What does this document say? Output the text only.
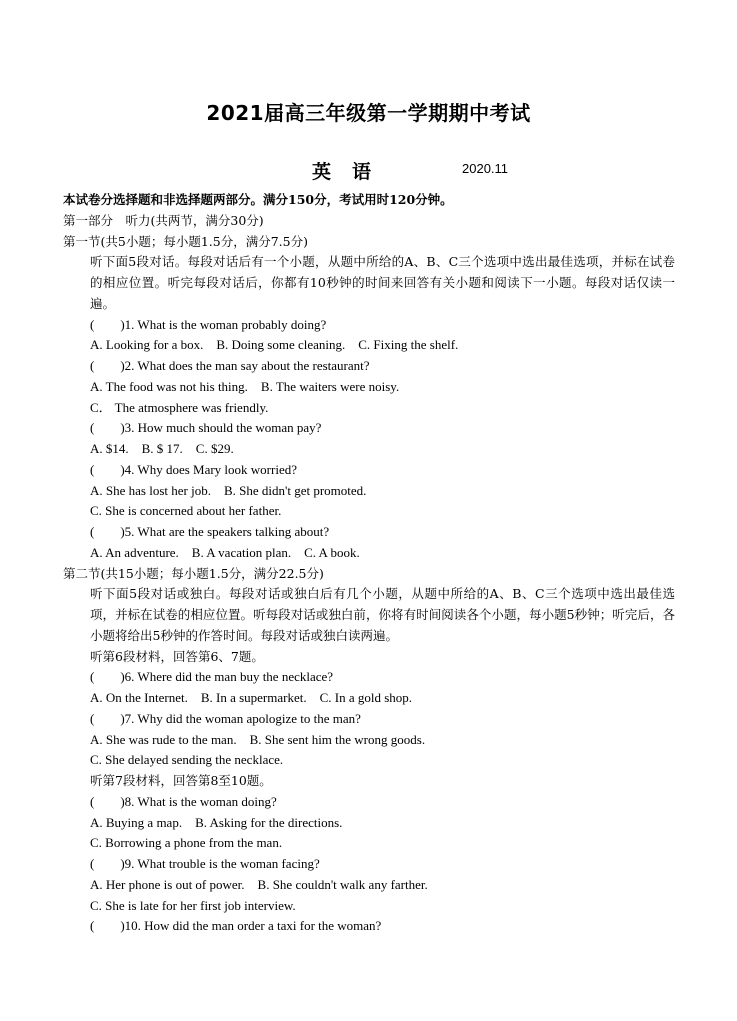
2021届高三年级第一学期期中考试
英　语	2020.11
本试卷分选择题和非选择题两部分。满分150分，考试用时120分钟。
第一部分　听力(共两节，满分30分)
第一节(共5小题；每小题1.5分，满分7.5分)
听下面5段对话。每段对话后有一个小题，从题中所给的A、B、C三个选项中选出最佳选项，并标在试卷的相应位置。听完每段对话后，你都有10秒钟的时间来回答有关小题和阅读下一小题。每段对话仅读一遍。
(　　)1. What is the woman probably doing?
A. Looking for a box.　B. Doing some cleaning.　C. Fixing the shelf.
(　　)2. What does the man say about the restaurant?
A. The food was not his thing.　B. The waiters were noisy.
C． The atmosphere was friendly.
(　　)3. How much should the woman pay?
A. $14.　B. $ 17.　C. $29.
(　　)4. Why does Mary look worried?
A. She has lost her job.　B. She didn't get promoted.
C. She is concerned about her father.
(　　)5. What are the speakers talking about?
A. An adventure.　B. A vacation plan.　C. A book.
第二节(共15小题；每小题1.5分，满分22.5分)
听下面5段对话或独白。每段对话或独白后有几个小题，从题中所给的A、B、C三个选项中选出最佳选项，并标在试卷的相应位置。听每段对话或独白前，你将有时间阅读各个小题，每小题5秒钟；听完后，各小题将给出5秒钟的作答时间。每段对话或独白读两遍。
听第6段材料，回答第6、7题。
(　　)6. Where did the man buy the necklace?
A. On the Internet.　B. In a supermarket.　C. In a gold shop.
(　　)7. Why did the woman apologize to the man?
A. She was rude to the man.　B. She sent him the wrong goods.
C. She delayed sending the necklace.
听第7段材料，回答第8至10题。
(　　)8. What is the woman doing?
A. Buying a map.　B. Asking for the directions.
C. Borrowing a phone from the man.
(　　)9. What trouble is the woman facing?
A. Her phone is out of power.　B. She couldn't walk any farther.
C. She is late for her first job interview.
(　　)10. How did the man order a taxi for the woman?
